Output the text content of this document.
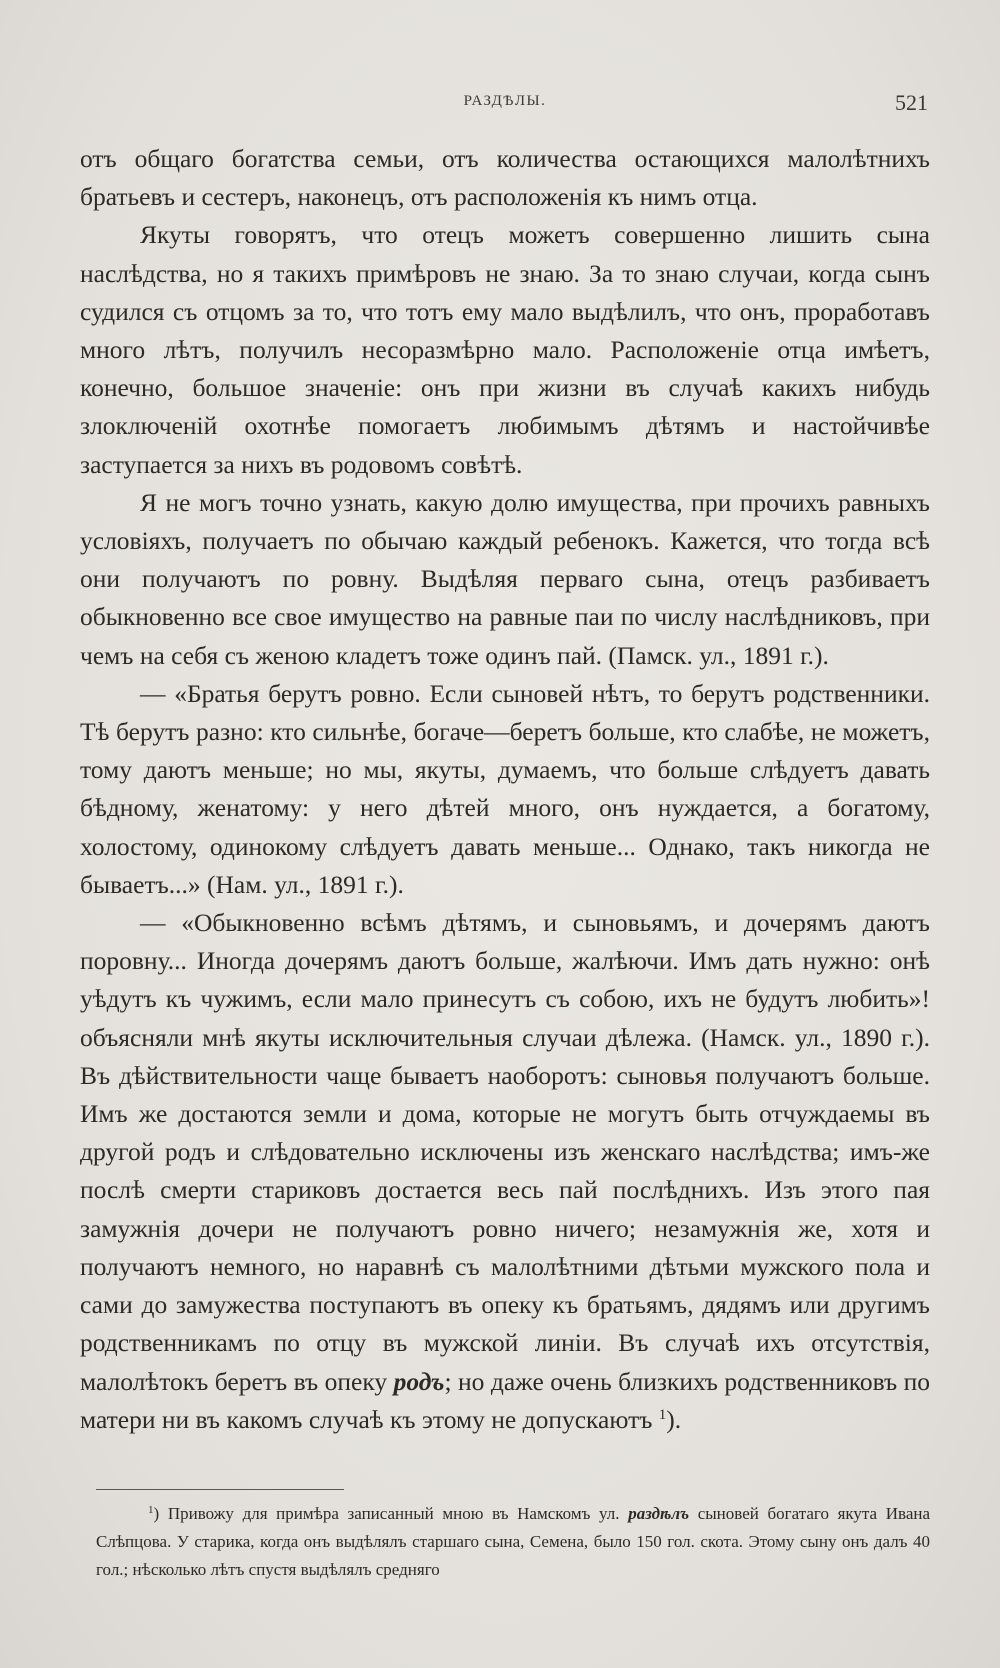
РАЗДѢЛЫ.	521

отъ общаго богатства семьи, отъ количества остающихся малолѣтнихъ братьевъ и сестеръ, наконецъ, отъ расположенія къ нимъ отца.

Якуты говорятъ, что отецъ можетъ совершенно лишить сына наслѣдства, но я такихъ примѣровъ не знаю. За то знаю случаи, когда сынъ судился съ отцомъ за то, что тотъ ему мало выдѣлилъ, что онъ, проработавъ много лѣтъ, получилъ несоразмѣрно мало. Расположеніе отца имѣетъ, конечно, большое значеніе: онъ при жизни въ случаѣ какихъ нибудь злоключеній охотнѣе помогаетъ любимымъ дѣтямъ и настойчивѣе заступается за нихъ въ родовомъ совѣтѣ.

Я не могъ точно узнать, какую долю имущества, при прочихъ равныхъ условіяхъ, получаетъ по обычаю каждый ребенокъ. Кажется, что тогда всѣ они получаютъ по ровну. Выдѣляя перваго сына, отецъ разбиваетъ обыкновенно все свое имущество на равные паи по числу наслѣдниковъ, при чемъ на себя съ женою кладетъ тоже одинъ пай. (Памск. ул., 1891 г.).

— «Братья берутъ ровно. Если сыновей нѣтъ, то берутъ родственники. Тѣ берутъ разно: кто сильнѣе, богаче—беретъ больше, кто слабѣе, не можетъ, тому даютъ меньше; но мы, якуты, думаемъ, что больше слѣдуетъ давать бѣдному, женатому: у него дѣтей много, онъ нуждается, а богатому, холостому, одинокому слѣдуетъ давать меньше... Однако, такъ никогда не бываетъ...» (Нам. ул., 1891 г.).

— «Обыкновенно всѣмъ дѣтямъ, и сыновьямъ, и дочерямъ даютъ поровну... Иногда дочерямъ даютъ больше, жалѣючи. Имъ дать нужно: онѣ уѣдутъ къ чужимъ, если мало принесутъ съ собою, ихъ не будутъ любить»! объясняли мнѣ якуты исключительныя случаи дѣлежа. (Намск. ул., 1890 г.). Въ дѣйствительности чаще бываетъ наоборотъ: сыновья получаютъ больше. Имъ же достаются земли и дома, которые не могутъ быть отчуждаемы въ другой родъ и слѣдовательно исключены изъ женскаго наслѣдства; имъ-же послѣ смерти стариковъ достается весь пай послѣднихъ. Изъ этого пая замужнія дочери не получаютъ ровно ничего; незамужнія же, хотя и получаютъ немного, но наравнѣ съ малолѣтними дѣтьми мужского пола и сами до замужества поступаютъ въ опеку къ братьямъ, дядямъ или другимъ родственникамъ по отцу въ мужской линіи. Въ случаѣ ихъ отсутствія, малолѣтокъ беретъ въ опеку родъ; но даже очень близкихъ родственниковъ по матери ни въ какомъ случаѣ къ этому не допускаютъ $^1$).

$^1$) Привожу для примѣра записанный мною въ Намскомъ ул. раздѣлъ сыновей богатаго якута Ивана Слѣпцова. У старика, когда онъ выдѣлялъ старшаго сына, Семена, было 150 гол. скота. Этому сыну онъ далъ 40 гол.; нѣсколько лѣтъ спустя выдѣлялъ средняго
